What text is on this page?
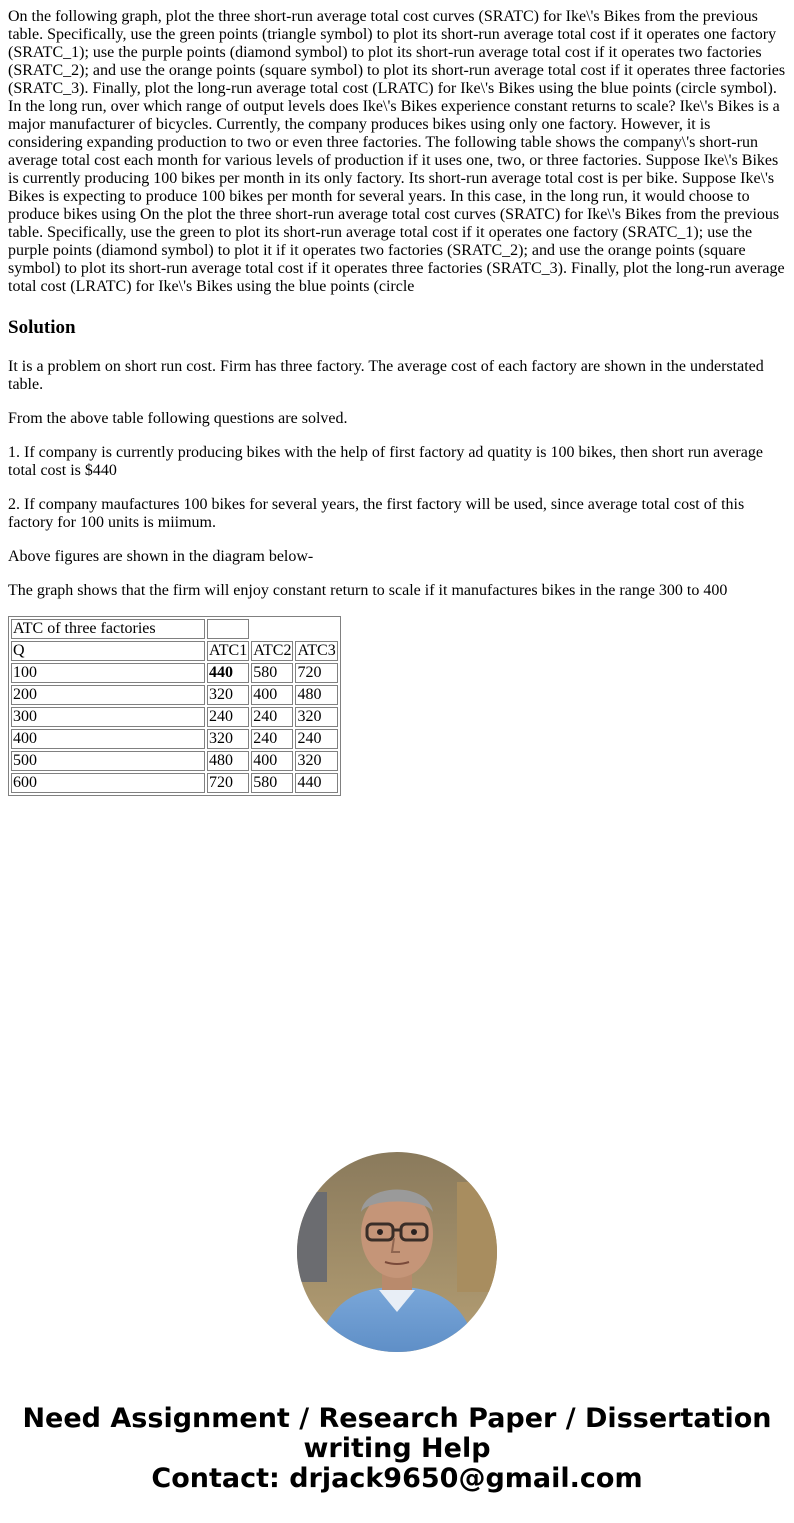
On the following graph, plot the three short-run average total cost curves (SRATC) for Ike\'s Bikes from the previous table. Specifically, use the green points (triangle symbol) to plot its short-run average total cost if it operates one factory (SRATC_1); use the purple points (diamond symbol) to plot its short-run average total cost if it operates two factories (SRATC_2); and use the orange points (square symbol) to plot its short-run average total cost if it operates three factories (SRATC_3). Finally, plot the long-run average total cost (LRATC) for Ike\'s Bikes using the blue points (circle symbol). In the long run, over which range of output levels does Ike\'s Bikes experience constant returns to scale? Ike\'s Bikes is a major manufacturer of bicycles. Currently, the company produces bikes using only one factory. However, it is considering expanding production to two or even three factories. The following table shows the company\'s short-run average total cost each month for various levels of production if it uses one, two, or three factories. Suppose Ike\'s Bikes is currently producing 100 bikes per month in its only factory. Its short-run average total cost is per bike. Suppose Ike\'s Bikes is expecting to produce 100 bikes per month for several years. In this case, in the long run, it would choose to produce bikes using On the plot the three short-run average total cost curves (SRATC) for Ike\'s Bikes from the previous table. Specifically, use the green to plot its short-run average total cost if it operates one factory (SRATC_1); use the purple points (diamond symbol) to plot it if it operates two factories (SRATC_2); and use the orange points (square symbol) to plot its short-run average total cost if it operates three factories (SRATC_3). Finally, plot the long-run average total cost (LRATC) for Ike\'s Bikes using the blue points (circle
Solution

It is a problem on short run cost. Firm has three factory. The average cost of each factory are shown in the understated table.

From the above table following questions are solved.

1. If company is currently producing bikes with the help of first factory ad quatity is 100 bikes, then short run average total cost is $440

2. If company maufactures 100 bikes for several years, the first factory will be used, since average total cost of this factory for 100 units is miimum.

Above figures are shown in the diagram below-

The graph shows that the firm will enjoy constant return to scale if it manufactures bikes in the range 300 to 400

ATC of three factories			
Q	ATC1	ATC2	ATC3
100	440	580	720
200	320	400	480
300	240	240	320
400	320	240	240
500	480	400	320
600	720	580	440
Need Assignment / Research Paper / Dissertation
writing Help
Contact: drjack9650@gmail.com
